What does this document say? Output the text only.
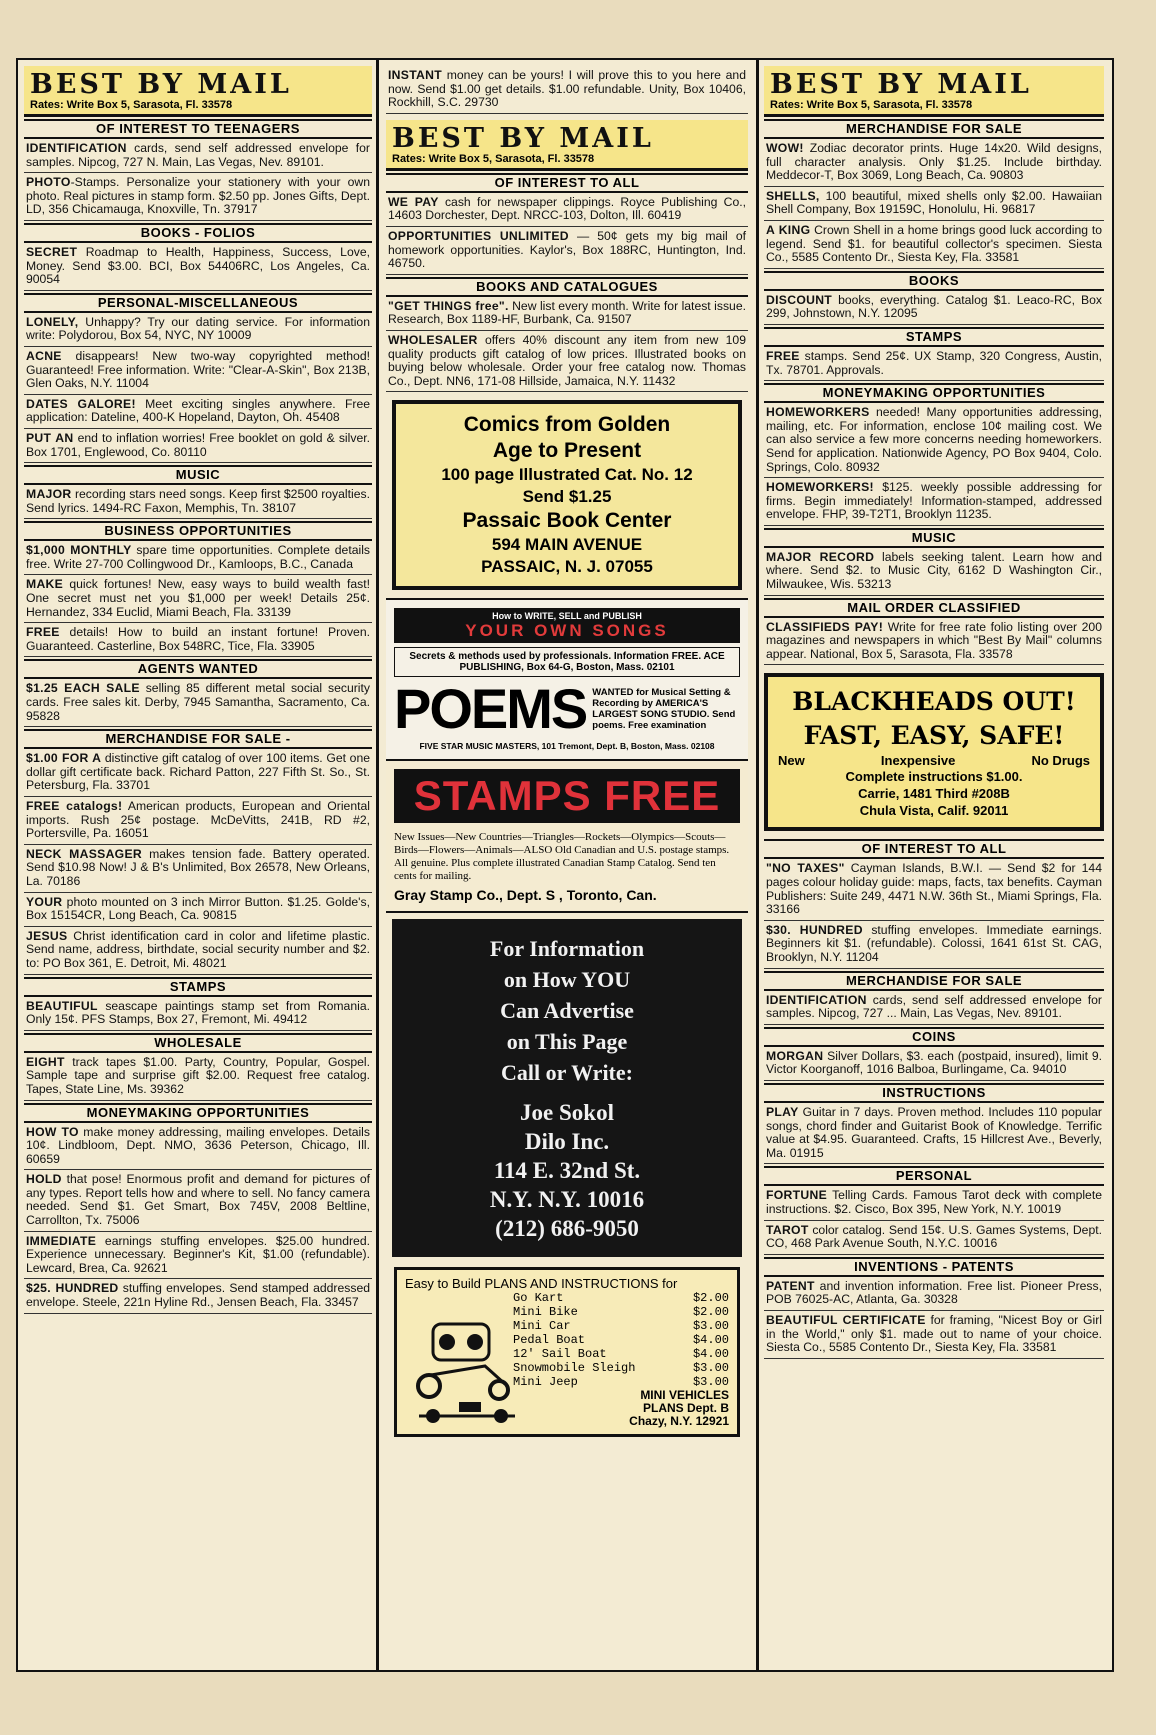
BEST BY MAIL
Rates: Write Box 5, Sarasota, Fl. 33578
OF INTEREST TO TEENAGERS
IDENTIFICATION cards, send self addressed envelope for samples. Nipcog, 727 N. Main, Las Vegas, Nev. 89101.
PHOTO-Stamps. Personalize your stationery with your own photo. Real pictures in stamp form. $2.50 pp. Jones Gifts, Dept. LD, 356 Chicamauga, Knoxville, Tn. 37917
BOOKS - FOLIOS
SECRET Roadmap to Health, Happiness, Success, Love, Money. Send $3.00. BCI, Box 54406RC, Los Angeles, Ca. 90054
PERSONAL-MISCELLANEOUS
LONELY, Unhappy? Try our dating service. For information write: Polydorou, Box 54, NYC, NY 10009
ACNE disappears! New two-way copyrighted method! Guaranteed! Free information. Write: "Clear-A-Skin", Box 213B, Glen Oaks, N.Y. 11004
DATES GALORE! Meet exciting singles anywhere. Free application: Dateline, 400-K Hopeland, Dayton, Oh. 45408
PUT AN end to inflation worries! Free booklet on gold & silver. Box 1701, Englewood, Co. 80110
MUSIC
MAJOR recording stars need songs. Keep first $2500 royalties. Send lyrics. 1494-RC Faxon, Memphis, Tn. 38107
BUSINESS OPPORTUNITIES
$1,000 MONTHLY spare time opportunities. Complete details free. Write 27-700 Collingwood Dr., Kamloops, B.C., Canada
MAKE quick fortunes! New, easy ways to build wealth fast! One secret must net you $1,000 per week! Details 25¢. Hernandez, 334 Euclid, Miami Beach, Fla. 33139
FREE details! How to build an instant fortune! Proven. Guaranteed. Casterline, Box 548RC, Tice, Fla. 33905
AGENTS WANTED
$1.25 EACH SALE selling 85 different metal social security cards. Free sales kit. Derby, 7945 Samantha, Sacramento, Ca. 95828
MERCHANDISE FOR SALE -
$1.00 FOR A distinctive gift catalog of over 100 items. Get one dollar gift certificate back. Richard Patton, 227 Fifth St. So., St. Petersburg, Fla. 33701
FREE catalogs! American products, European and Oriental imports. Rush 25¢ postage. McDeVitts, 241B, RD #2, Portersville, Pa. 16051
NECK MASSAGER makes tension fade. Battery operated. Send $10.98 Now! J & B's Unlimited, Box 26578, New Orleans, La. 70186
YOUR photo mounted on 3 inch Mirror Button. $1.25. Golde's, Box 15154CR, Long Beach, Ca. 90815
JESUS Christ identification card in color and lifetime plastic. Send name, address, birthdate, social security number and $2. to: PO Box 361, E. Detroit, Mi. 48021
STAMPS
BEAUTIFUL seascape paintings stamp set from Romania. Only 15¢. PFS Stamps, Box 27, Fremont, Mi. 49412
WHOLESALE
EIGHT track tapes $1.00. Party, Country, Popular, Gospel. Sample tape and surprise gift $2.00. Request free catalog. Tapes, State Line, Ms. 39362
MONEYMAKING OPPORTUNITIES
HOW TO make money addressing, mailing envelopes. Details 10¢. Lindbloom, Dept. NMO, 3636 Peterson, Chicago, Ill. 60659
HOLD that pose! Enormous profit and demand for pictures of any types. Report tells how and where to sell. No fancy camera needed. Send $1. Get Smart, Box 745V, 2008 Beltline, Carrollton, Tx. 75006
IMMEDIATE earnings stuffing envelopes. $25.00 hundred. Experience unnecessary. Beginner's Kit, $1.00 (refundable). Lewcard, Brea, Ca. 92621
$25. HUNDRED stuffing envelopes. Send stamped addressed envelope. Steele, 221n Hyline Rd., Jensen Beach, Fla. 33457
INSTANT money can be yours! I will prove this to you here and now. Send $1.00 get details. $1.00 refundable. Unity, Box 10406, Rockhill, S.C. 29730
BEST BY MAIL
Rates: Write Box 5, Sarasota, Fl. 33578
OF INTEREST TO ALL
WE PAY cash for newspaper clippings. Royce Publishing Co., 14603 Dorchester, Dept. NRCC-103, Dolton, Ill. 60419
OPPORTUNITIES UNLIMITED — 50¢ gets my big mail of homework opportunities. Kaylor's, Box 188RC, Huntington, Ind. 46750.
BOOKS AND CATALOGUES
"GET THINGS free". New list every month. Write for latest issue. Research, Box 1189-HF, Burbank, Ca. 91507
WHOLESALER offers 40% discount any item from new 109 quality products gift catalog of low prices. Illustrated books on buying below wholesale. Order your free catalog now. Thomas Co., Dept. NN6, 171-08 Hillside, Jamaica, N.Y. 11432
Comics from Golden
Age to Present
100 page Illustrated Cat. No. 12
Send $1.25
Passaic Book Center
594 MAIN AVENUE
PASSAIC, N. J. 07055
How to WRITE, SELL and PUBLISH
YOUR OWN SONGS
Secrets & methods used by professionals. Information FREE. ACE PUBLISHING, Box 64-G, Boston, Mass. 02101
POEMS WANTED for Musical Setting & Recording by AMERICA'S LARGEST SONG STUDIO. Send poems. Free examination
FIVE STAR MUSIC MASTERS, 101 Tremont, Dept. B, Boston, Mass. 02108
STAMPS FREE
New Issues—New Countries—Triangles—Rockets—Olympics—Scouts—Birds—Flowers—Animals—ALSO Old Canadian and U.S. postage stamps. All genuine. Plus complete illustrated Canadian Stamp Catalog. Send ten cents for mailing.
Gray Stamp Co., Dept. S , Toronto, Can.
For Information
on How YOU
Can Advertise
on This Page
Call or Write:
Joe Sokol
Dilo Inc.
114 E. 32nd St.
N.Y. N.Y. 10016
(212) 686-9050
Easy to Build PLANS AND INSTRUCTIONS for
Go Kart	$2.00
Mini Bike	$2.00
Mini Car	$3.00
Pedal Boat	$4.00
12' Sail Boat	$4.00
Snowmobile Sleigh	$3.00
Mini Jeep	$3.00
MINI VEHICLES
PLANS Dept. B
Chazy, N.Y. 12921
BEST BY MAIL
Rates: Write Box 5, Sarasota, Fl. 33578
MERCHANDISE FOR SALE
WOW! Zodiac decorator prints. Huge 14x20. Wild designs, full character analysis. Only $1.25. Include birthday. Meddecor-T, Box 3069, Long Beach, Ca. 90803
SHELLS, 100 beautiful, mixed shells only $2.00. Hawaiian Shell Company, Box 19159C, Honolulu, Hi. 96817
A KING Crown Shell in a home brings good luck according to legend. Send $1. for beautiful collector's specimen. Siesta Co., 5585 Contento Dr., Siesta Key, Fla. 33581
BOOKS
DISCOUNT books, everything. Catalog $1. Leaco-RC, Box 299, Johnstown, N.Y. 12095
STAMPS
FREE stamps. Send 25¢. UX Stamp, 320 Congress, Austin, Tx. 78701. Approvals.
MONEYMAKING OPPORTUNITIES
HOMEWORKERS needed! Many opportunities addressing, mailing, etc. For information, enclose 10¢ mailing cost. We can also service a few more concerns needing homeworkers. Send for application. Nationwide Agency, PO Box 9404, Colo. Springs, Colo. 80932
HOMEWORKERS! $125. weekly possible addressing for firms. Begin immediately! Information-stamped, addressed envelope. FHP, 39-T2T1, Brooklyn 11235.
MUSIC
MAJOR RECORD labels seeking talent. Learn how and where. Send $2. to Music City, 6162 D Washington Cir., Milwaukee, Wis. 53213
MAIL ORDER CLASSIFIED
CLASSIFIEDS PAY! Write for free rate folio listing over 200 magazines and newspapers in which "Best By Mail" columns appear. National, Box 5, Sarasota, Fla. 33578
BLACKHEADS OUT!
FAST, EASY, SAFE!
New	Inexpensive	No Drugs
Complete instructions $1.00.
Carrie, 1481 Third #208B
Chula Vista, Calif. 92011
OF INTEREST TO ALL
"NO TAXES" Cayman Islands, B.W.I. — Send $2 for 144 pages colour holiday guide: maps, facts, tax benefits. Cayman Publishers: Suite 249, 4471 N.W. 36th St., Miami Springs, Fla. 33166
$30. HUNDRED stuffing envelopes. Immediate earnings. Beginners kit $1. (refundable). Colossi, 1641 61st St. CAG, Brooklyn, N.Y. 11204
MERCHANDISE FOR SALE
IDENTIFICATION cards, send self addressed envelope for samples. Nipcog, 727 ... Main, Las Vegas, Nev. 89101.
COINS
MORGAN Silver Dollars, $3. each (postpaid, insured), limit 9. Victor Koorganoff, 1016 Balboa, Burlingame, Ca. 94010
INSTRUCTIONS
PLAY Guitar in 7 days. Proven method. Includes 110 popular songs, chord finder and Guitarist Book of Knowledge. Terrific value at $4.95. Guaranteed. Crafts, 15 Hillcrest Ave., Beverly, Ma. 01915
PERSONAL
FORTUNE Telling Cards. Famous Tarot deck with complete instructions. $2. Cisco, Box 395, New York, N.Y. 10019
TAROT color catalog. Send 15¢. U.S. Games Systems, Dept. CO, 468 Park Avenue South, N.Y.C. 10016
INVENTIONS - PATENTS
PATENT and invention information. Free list. Pioneer Press, POB 76025-AC, Atlanta, Ga. 30328
BEAUTIFUL CERTIFICATE for framing, "Nicest Boy or Girl in the World," only $1. made out to name of your choice. Siesta Co., 5585 Contento Dr., Siesta Key, Fla. 33581
